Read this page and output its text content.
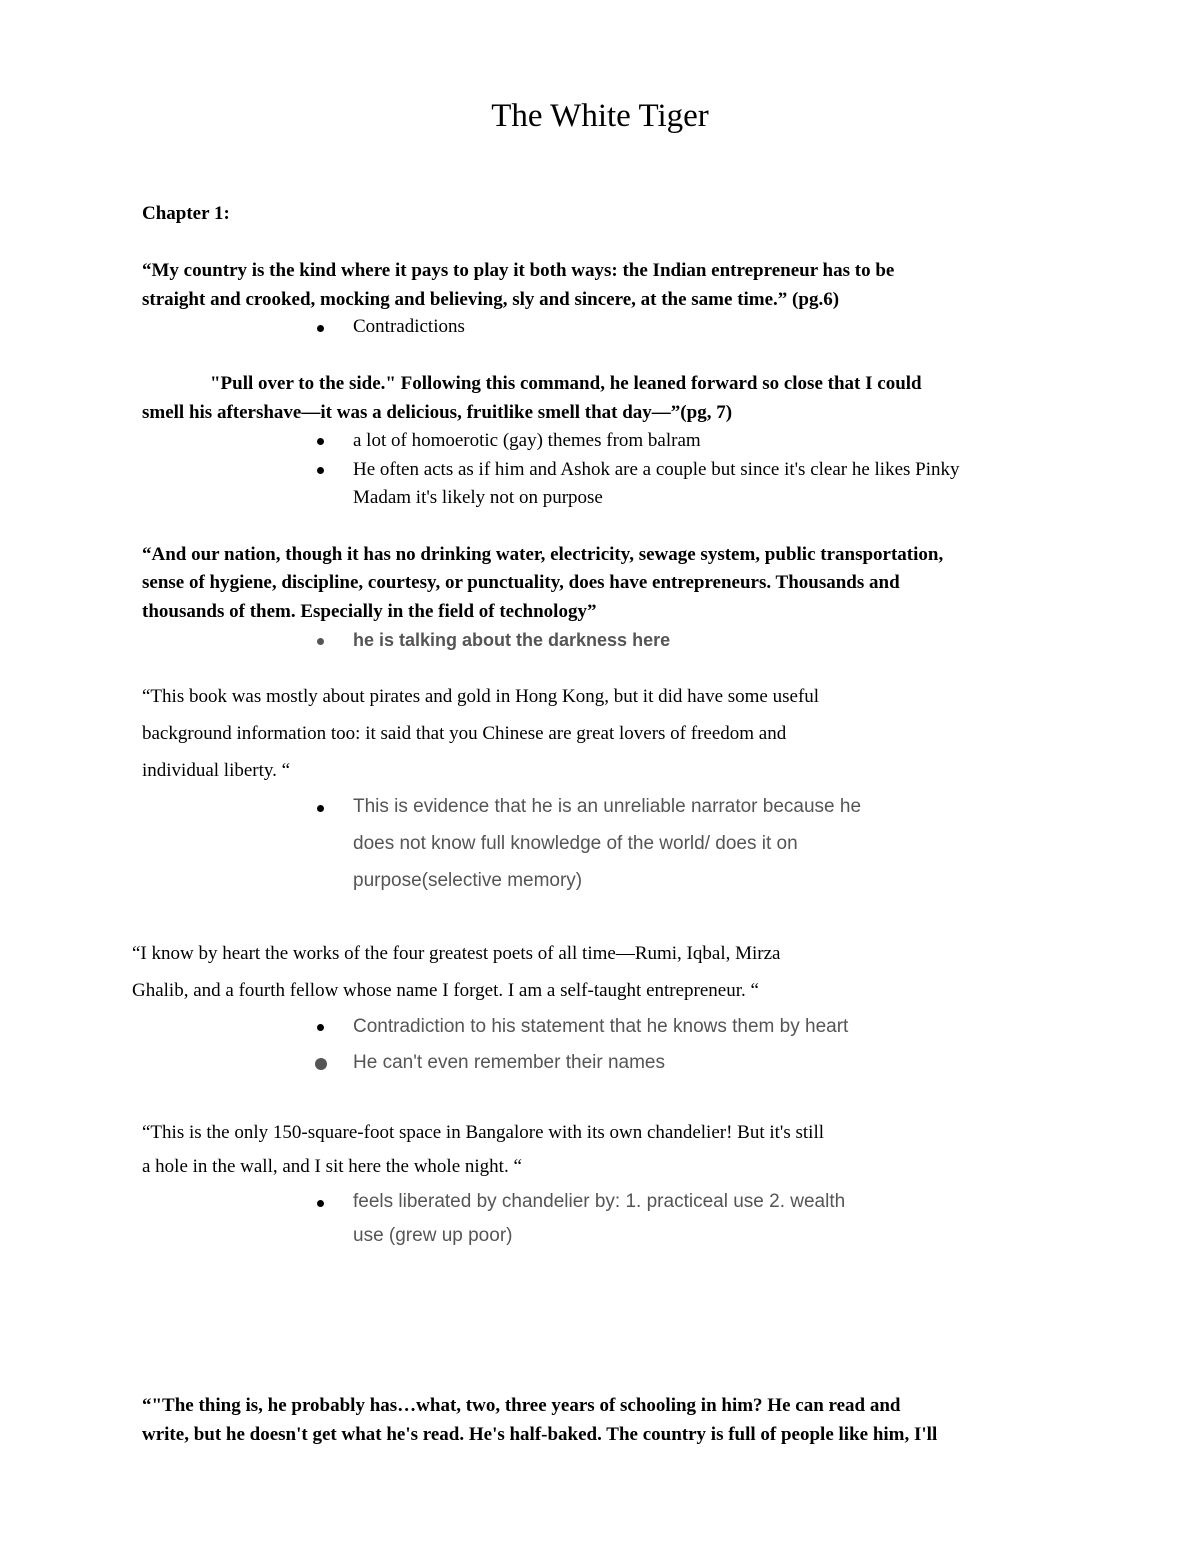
The White Tiger
Chapter 1:
“My country is the kind where it pays to play it both ways: the Indian entrepreneur has to be
straight and crooked, mocking and believing, sly and sincere, at the same time.” (pg.6)
Contradictions
"Pull over to the side." Following this command, he leaned forward so close that I could
smell his aftershave—it was a delicious, fruitlike smell that day—”(pg, 7)
a lot of homoerotic (gay) themes from balram
He often acts as if him and Ashok are a couple but since it's clear he likes Pinky
Madam it's likely not on purpose
“And our nation, though it has no drinking water, electricity, sewage system, public transportation,
sense of hygiene, discipline, courtesy, or punctuality, does have entrepreneurs. Thousands and
thousands of them. Especially in the field of technology”
he is talking about the darkness here
“This book was mostly about pirates and gold in Hong Kong, but it did have some useful
background information too: it said that you Chinese are great lovers of freedom and
individual liberty. “
This is evidence that he is an unreliable narrator because he
does not know full knowledge of the world/ does it on
purpose(selective memory)
“I know by heart the works of the four greatest poets of all time—Rumi, Iqbal, Mirza
Ghalib, and a fourth fellow whose name I forget. I am a self-taught entrepreneur. “
Contradiction to his statement that he knows them by heart
He can't even remember their names
“This is the only 150-square-foot space in Bangalore with its own chandelier! But it's still
a hole in the wall, and I sit here the whole night. “
feels liberated by chandelier by: 1. practiceal use 2. wealth
use (grew up poor)
“"The thing is, he probably has…what, two, three years of schooling in him? He can read and
write, but he doesn't get what he's read. He's half-baked. The country is full of people like him, I'll
